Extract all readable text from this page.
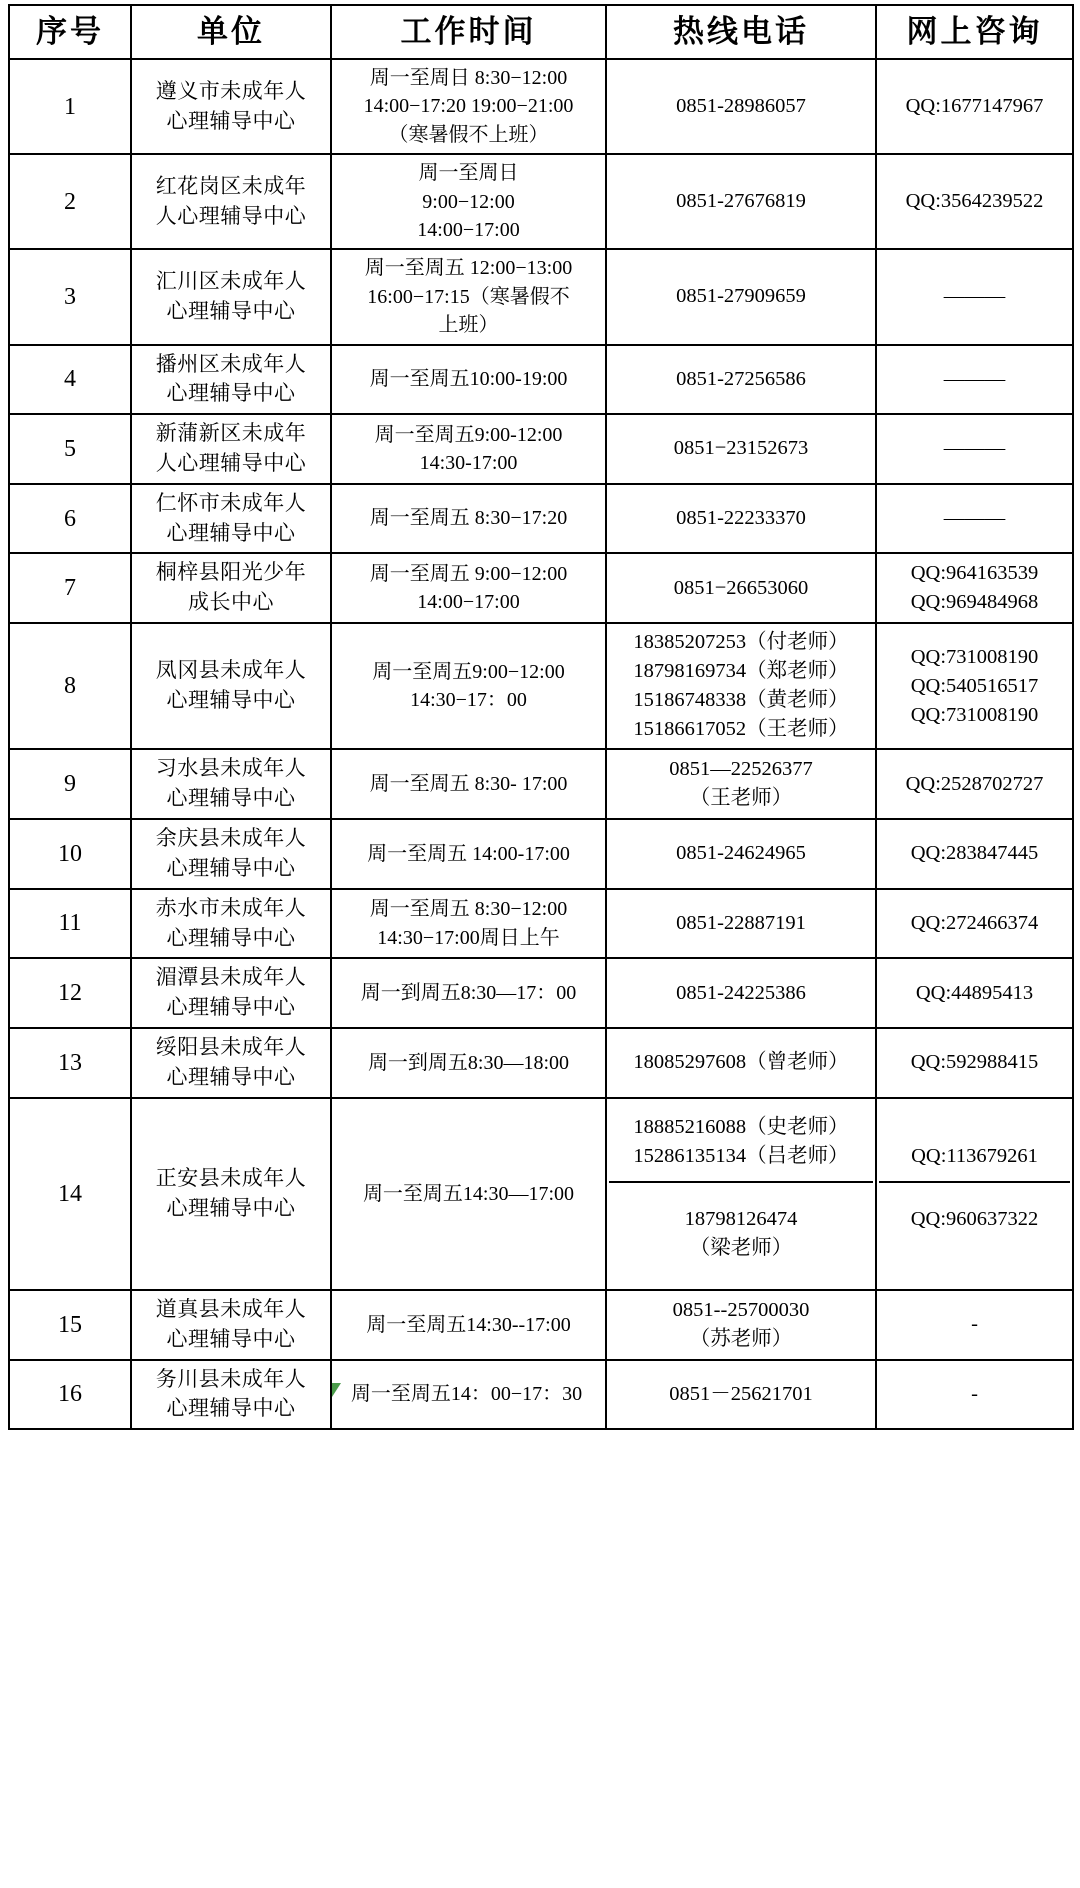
序号	单位	工作时间	热线电话	网上咨询
1	遵义市未成年人
心理辅导中心	周一至周日 8:30−12:00
14:00−17:20 19:00−21:00
（寒暑假不上班）	0851-28986057	QQ:1677147967
2	红花岗区未成年
人心理辅导中心	周一至周日
9:00−12:00
14:00−17:00	0851-27676819	QQ:3564239522
3	汇川区未成年人
心理辅导中心	周一至周五 12:00−13:00
16:00−17:15（寒暑假不
上班）	0851-27909659	———
4	播州区未成年人
心理辅导中心	周一至周五10:00-19:00	0851-27256586	———
5	新蒲新区未成年
人心理辅导中心	周一至周五9:00-12:00
14:30-17:00	0851−23152673	———
6	仁怀市未成年人
心理辅导中心	周一至周五 8:30−17:20	0851-22233370	———
7	桐梓县阳光少年
成长中心	周一至周五 9:00−12:00
14:00−17:00	0851−26653060	QQ:964163539
QQ:969484968
8	凤冈县未成年人
心理辅导中心	周一至周五9:00−12:00
14:30−17：00	18385207253（付老师）
18798169734（郑老师）
15186748338（黄老师）
15186617052（王老师）	QQ:731008190
QQ:540516517
QQ:731008190
9	习水县未成年人
心理辅导中心	周一至周五 8:30- 17:00	0851—22526377
（王老师）	QQ:2528702727
10	余庆县未成年人
心理辅导中心	周一至周五 14:00-17:00	0851-24624965	QQ:283847445
11	赤水市未成年人
心理辅导中心	周一至周五 8:30−12:00
14:30−17:00周日上午	0851-22887191	QQ:272466374
12	湄潭县未成年人
心理辅导中心	周一到周五8:30—17：00	0851-24225386	QQ:44895413
13	绥阳县未成年人
心理辅导中心	周一到周五8:30—18:00	18085297608（曾老师）	QQ:592988415
14	正安县未成年人
心理辅导中心	周一至周五14:30—17:00	18885216088（史老师）
15286135134（吕老师）
18798126474
（梁老师）	QQ:113679261
QQ:960637322

15	道真县未成年人
心理辅导中心	周一至周五14:30--17:00	0851--25700030
（苏老师）	-
16	务川县未成年人
心理辅导中心	周一至周五14：00−17：30	0851－25621701	-
